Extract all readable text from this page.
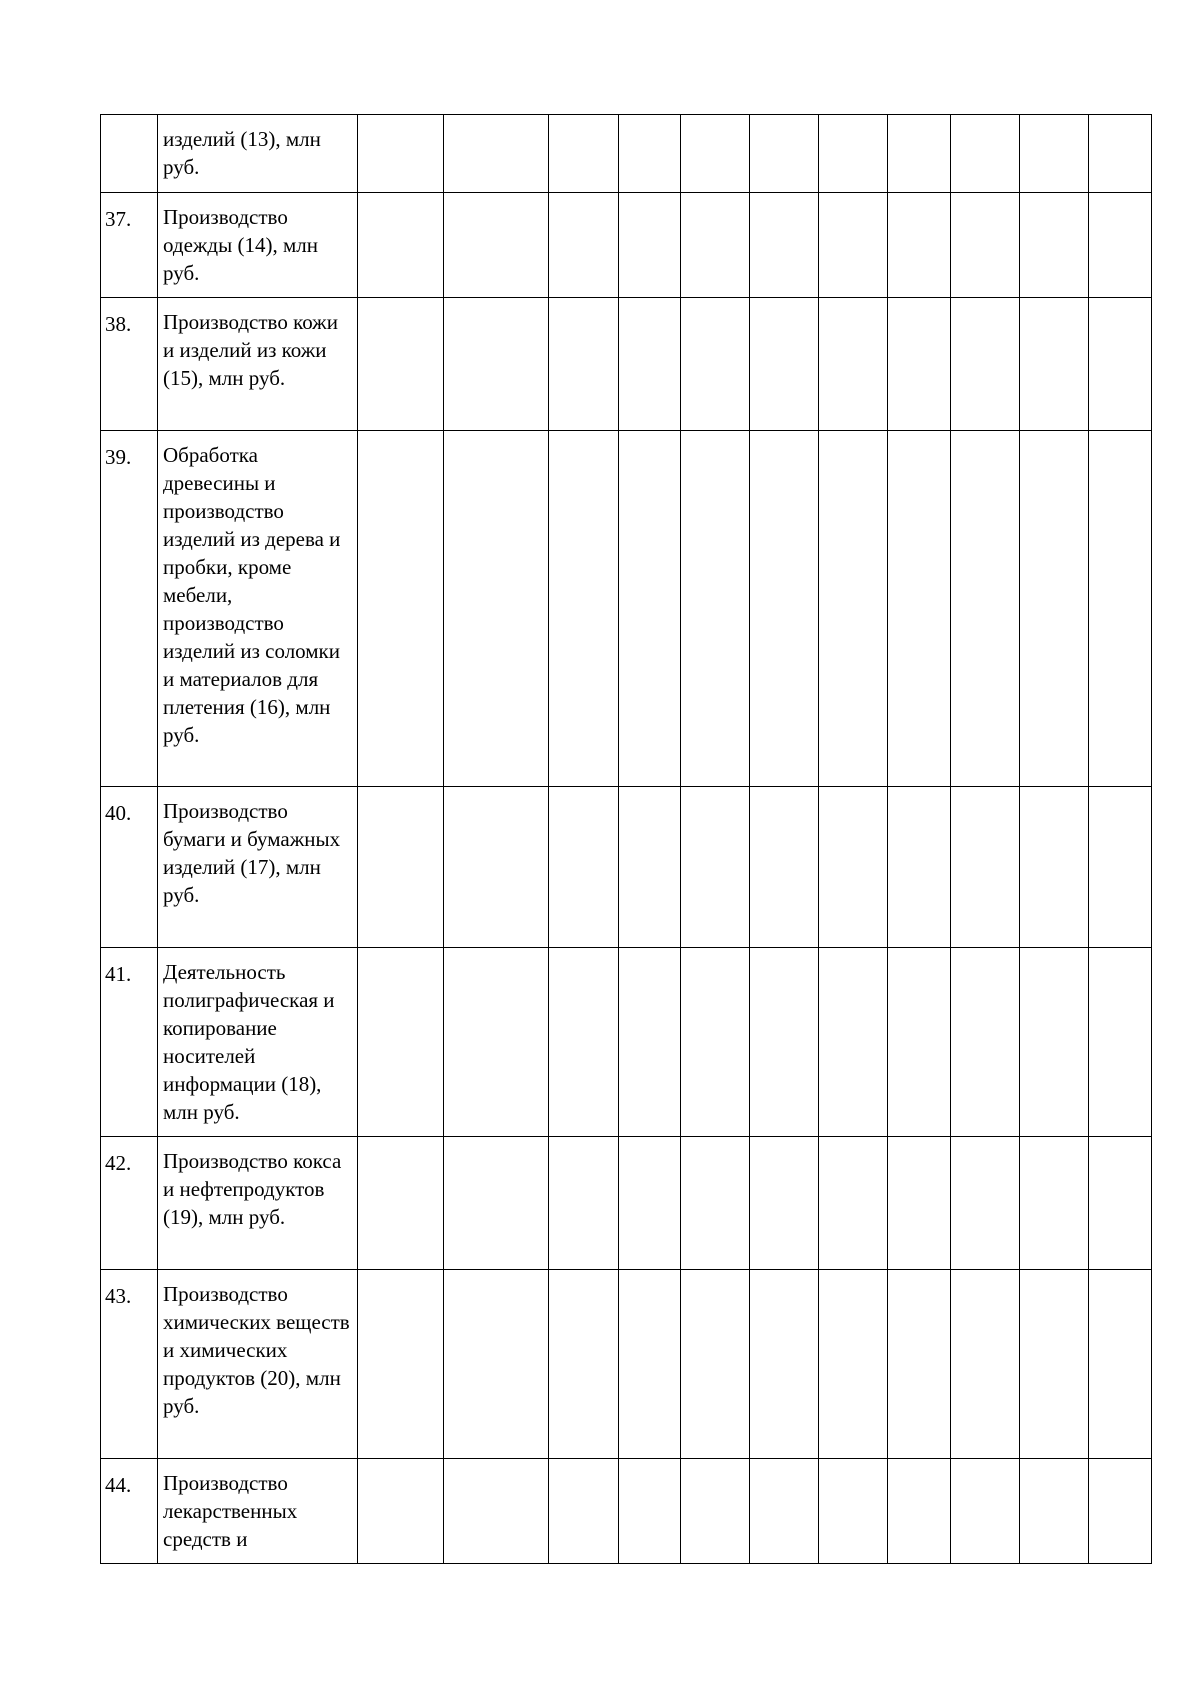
	изделий (13), млн руб.											
37.	Производство одежды (14), млн руб.											
38.	Производство кожи и изделий из кожи (15), млн руб.											
39.	Обработка древесины и производство изделий из дерева и пробки, кроме мебели, производство изделий из соломки и материалов для плетения (16), млн руб.											
40.	Производство бумаги и бумажных изделий (17), млн руб.											
41.	Деятельность полиграфическая и копирование носителей информации (18), млн руб.											
42.	Производство кокса и нефтепродуктов (19), млн руб.											
43.	Производство химических веществ и химических продуктов (20), млн руб.											
44.	Производство лекарственных средств и											
